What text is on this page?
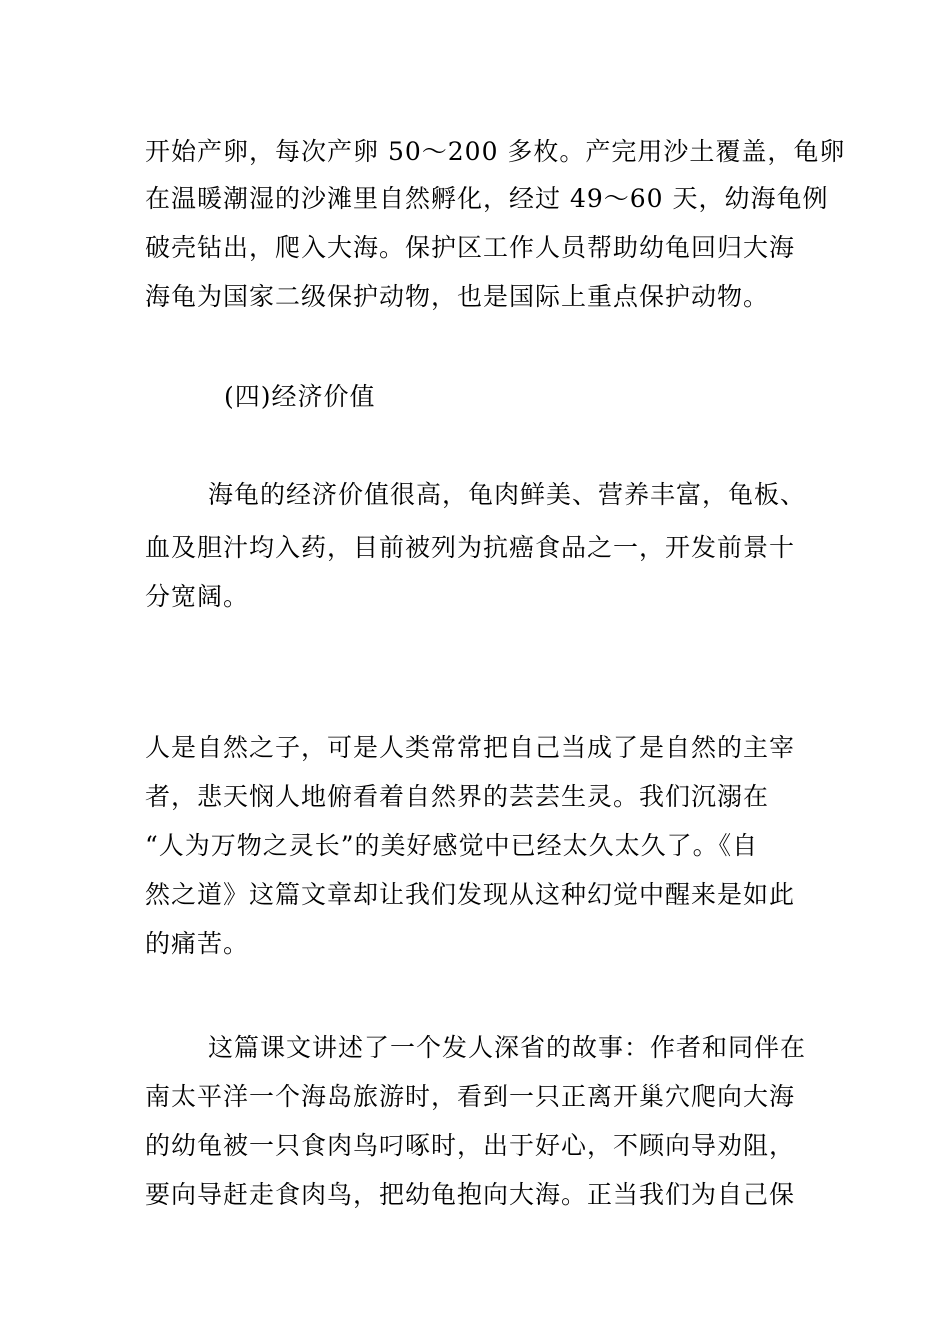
开始产卵，每次产卵 50～200 多枚。产完用沙土覆盖，龟卵
在温暖潮湿的沙滩里自然孵化，经过 49～60 天，幼海龟例
破壳钻出，爬入大海。保护区工作人员帮助幼龟回归大海
海龟为国家二级保护动物，也是国际上重点保护动物。
(四)经济价值
海龟的经济价值很高，龟肉鲜美、营养丰富，龟板、
血及胆汁均入药，目前被列为抗癌食品之一，开发前景十
分宽阔。
人是自然之子，可是人类常常把自己当成了是自然的主宰
者，悲天悯人地俯看着自然界的芸芸生灵。我们沉溺在
“人为万物之灵长”的美好感觉中已经太久太久了。《自
然之道》这篇文章却让我们发现从这种幻觉中醒来是如此
的痛苦。
这篇课文讲述了一个发人深省的故事：作者和同伴在
南太平洋一个海岛旅游时，看到一只正离开巢穴爬向大海
的幼龟被一只食肉鸟叼啄时，出于好心，不顾向导劝阻，
要向导赶走食肉鸟，把幼龟抱向大海。正当我们为自己保
